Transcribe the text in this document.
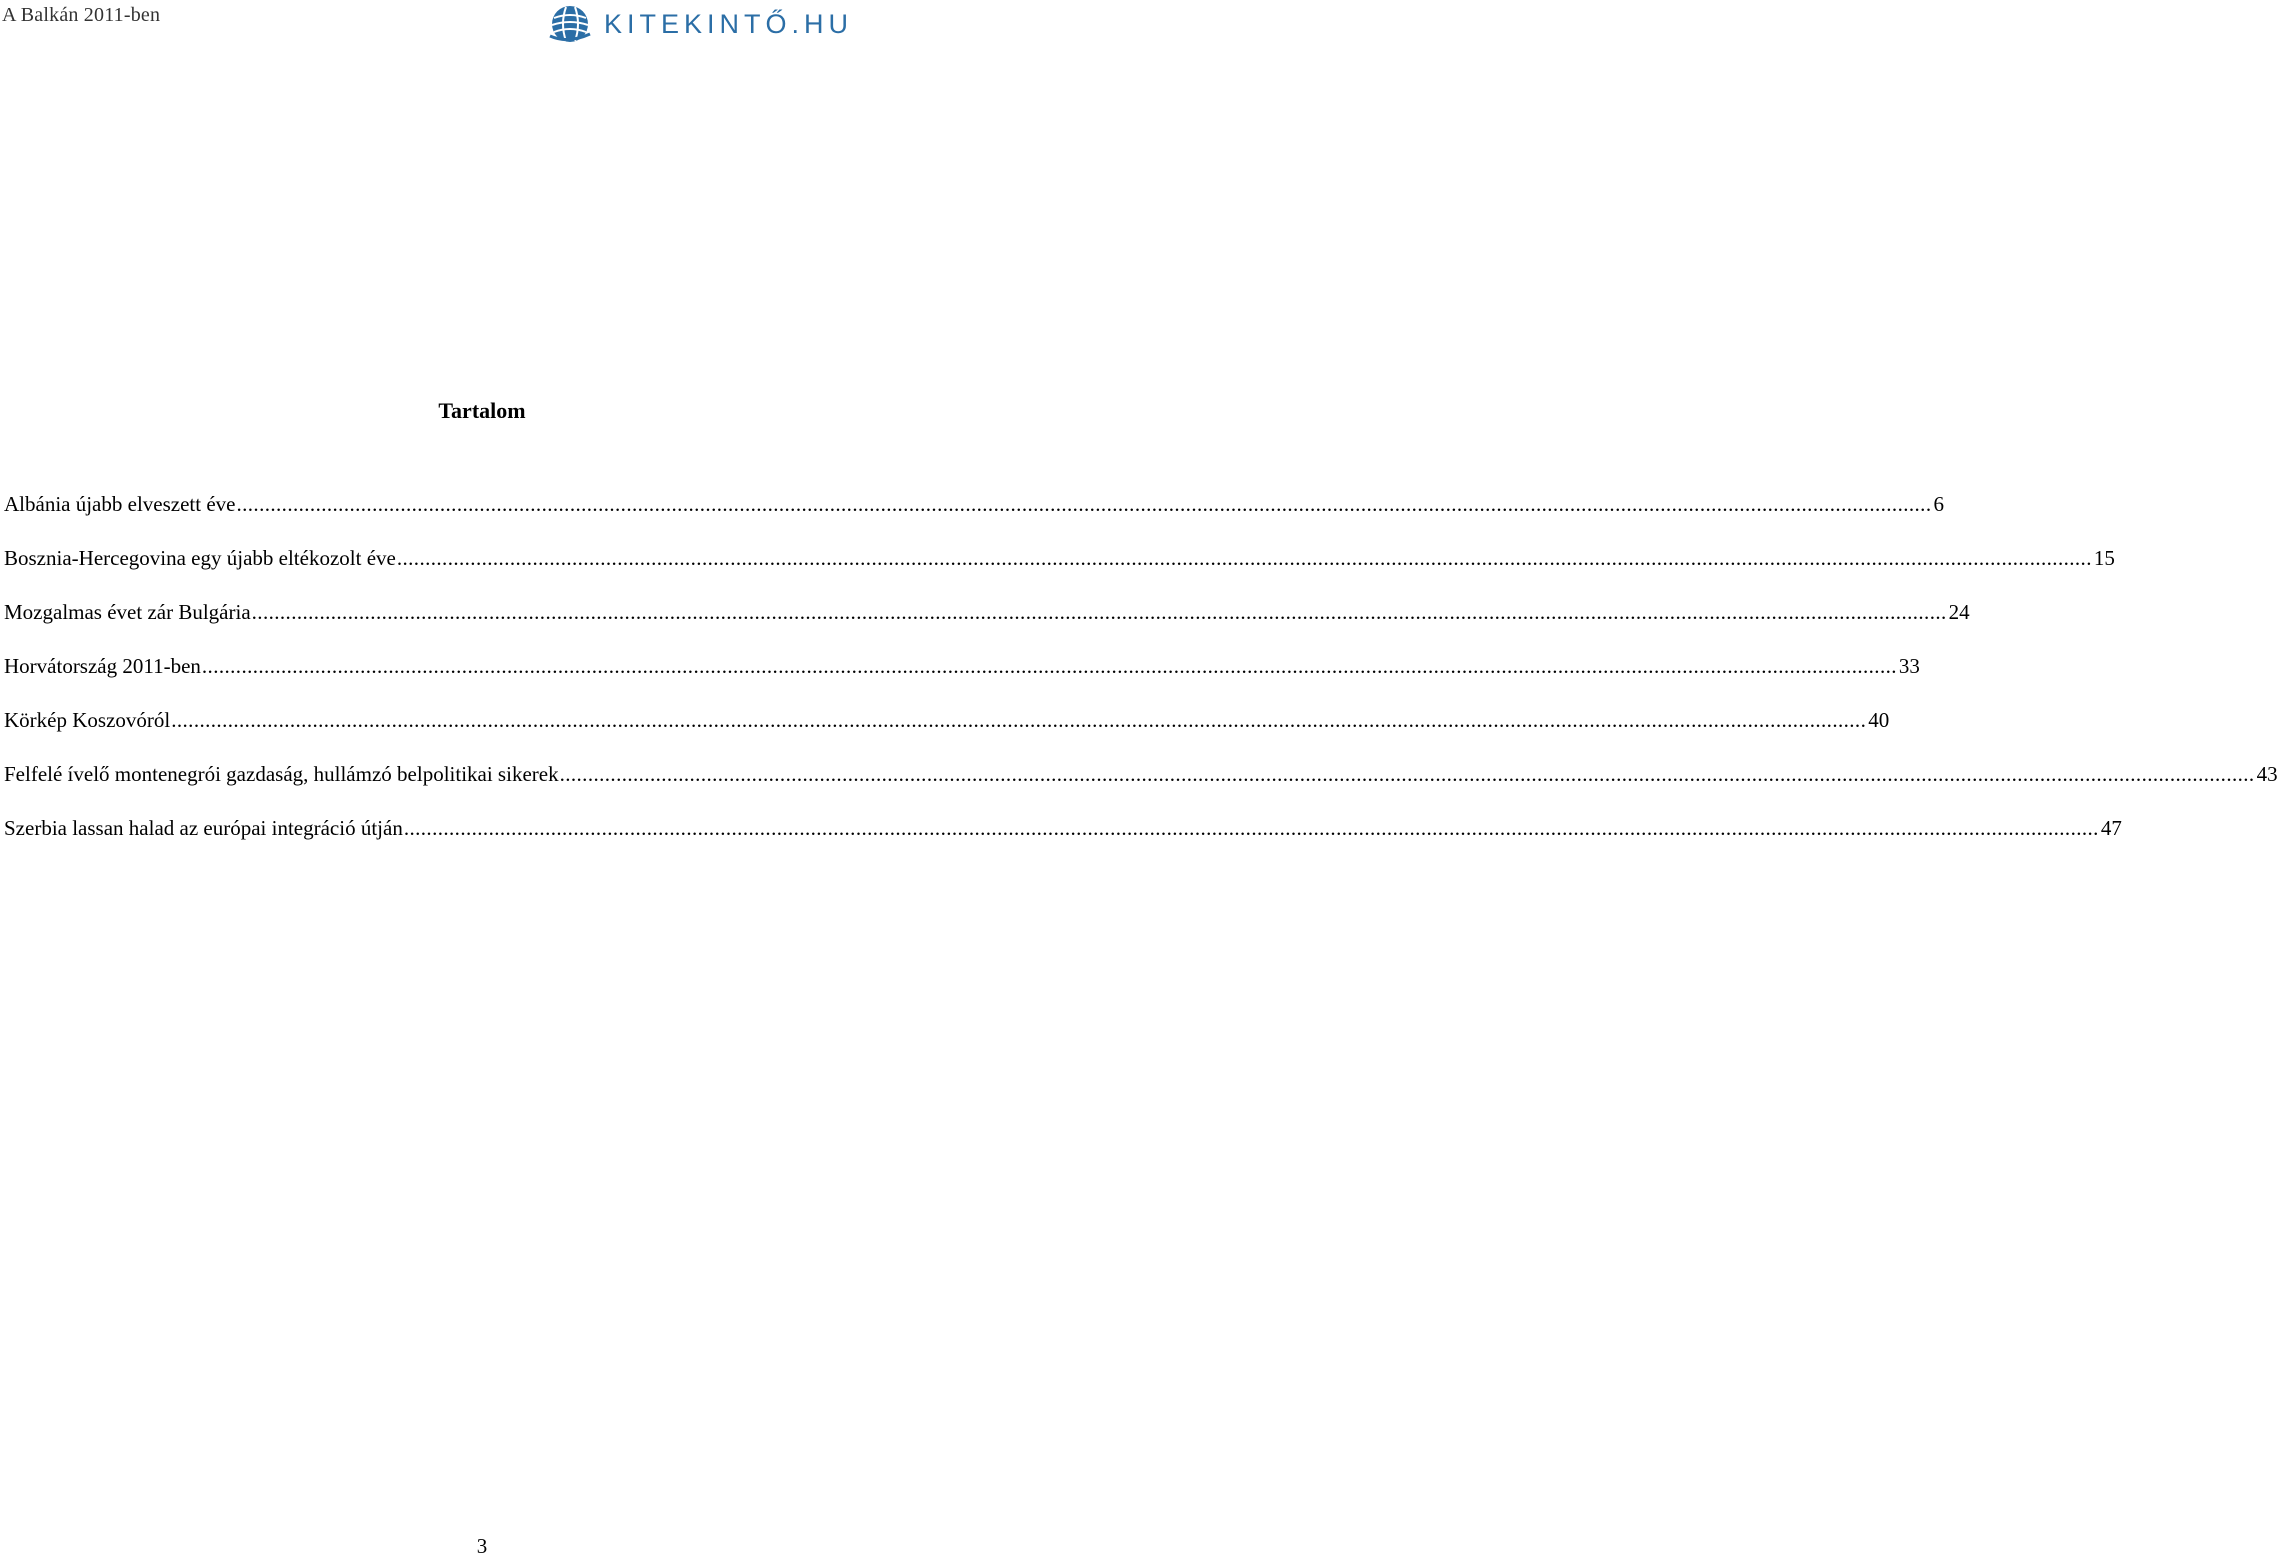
A Balkán 2011-ben	KITEKINTŐ.HU
Tartalom
Albánia újabb elveszett éve ............................................................................................................................................................................................................................................................................................................ 6
Bosznia-Hercegovina egy újabb eltékozolt éve ............................................................................................................................................................................................................................................................................................................ 15
Mozgalmas évet zár Bulgária ............................................................................................................................................................................................................................................................................................................ 24
Horvátország 2011-ben ............................................................................................................................................................................................................................................................................................................ 33
Körkép Koszovóról ............................................................................................................................................................................................................................................................................................................ 40
Felfelé ívelő montenegrói gazdaság, hullámzó belpolitikai sikerek ............................................................................................................................................................................................................................................................................................................ 43
Szerbia lassan halad az európai integráció útján ............................................................................................................................................................................................................................................................................................................ 47
3
